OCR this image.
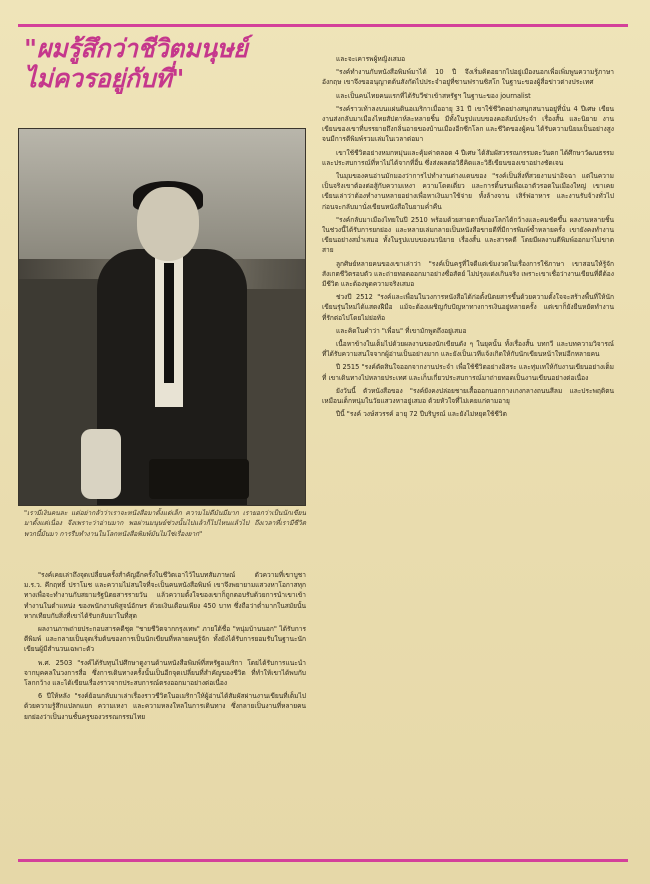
"ผมรู้สึกว่าชีวิตมนุษย์
ไม่ควรอยู่กับที่"
"เรามีเงินคนละ แต่อย่ากลัวว่าเราจะหนังสือมาตั้งแต่เล็ก ความไม่ดีมันมีมาก เรายอกว่าเป็นนักเขียนมาตั้งแต่เนื่อง จึงเพราะว่าอ่านมาก พอผ่านมนุษย์ช่วงนั้นไปแล้วก็ไปไหนแล้วไป ถึงเวลาที่เรามีชีวิตพวกนี้มันมา การรีบทำงานในโลกหนังสือพิมพ์มันไม่ใช่เรื่องยาก"

"รงค์เคยเล่าถึงจุดเปลี่ยนครั้งสำคัญอีกครั้งในชีวิตเอาไว้ในบทสัมภาษณ์ ตัวความที่เขาบูชา ม.ร.ว. คึกฤทธิ์ ปราโมช และความไม่สนใจที่จะเป็นคนหนังสือพิมพ์ เขาจึงพยายามแสวงหาโอกาสทุกทางเพื่อจะทำงานกับสยามรัฐนิตยสารรายวัน แล้วความตั้งใจของเขาก็ถูกตอบรับด้วยการนำเขาเข้าทำงานในตำแหน่ง ของพนักงานพิสูจน์อักษร ด้วยเงินเดือนเพียง 450 บาท ซึ่งถือว่าต่ำมากในสมัยนั้น หากเทียบกับสิ่งที่เขาได้รับกลับมาในที่สุด

ผลงานภาพถ่ายประกอบสารคดีชุด "ชายชีวิตจากกรุงเทพ" ภายใต้ชื่อ "หนุ่มบ้านนอก" ได้รับการตีพิมพ์ และกลายเป็นจุดเริ่มต้นของการเป็นนักเขียนที่หลายคนรู้จัก ทั้งยังได้รับการยอมรับในฐานะนักเขียนผู้มีสำนวนเฉพาะตัว

พ.ศ. 2503 "รงค์ได้รับทุนไปศึกษาดูงานด้านหนังสือพิมพ์ที่สหรัฐอเมริกา โดยได้รับการแนะนำจากบุคคลในวงการสื่อ ซึ่งการเดินทางครั้งนั้นเป็นอีกจุดเปลี่ยนที่สำคัญของชีวิต ที่ทำให้เขาได้พบกับโลกกว้าง และได้เขียนเรื่องราวจากประสบการณ์ตรงออกมาอย่างต่อเนื่อง

6 ปีให้หลัง "รงค์ย้อนกลับมาเล่าเรื่องราวชีวิตในอเมริกาให้ผู้อ่านได้สัมผัสผ่านงานเขียนที่เต็มไปด้วยความรู้สึกแปลกแยก ความเหงา และความหลงใหลในการเดินทาง ซึ่งกลายเป็นงานที่หลายคนยกย่องว่าเป็นงานชั้นครูของวรรณกรรมไทย

และจะเคารพผู้หญิงเสมอ

"รงค์ทำงานกับหนังสือพิมพ์มาได้ 10 ปี จึงเริ่มคิดอยากไปอยู่เมืองนอกเพื่อเพิ่มพูนความรู้ภาษาอังกฤษ เขาจึงขออนุญาตต้นสังกัดไปประจำอยู่ที่ซานฟรานซิสโก ในฐานะของผู้สื่อข่าวต่างประเทศ

และเป็นคนไทยคนแรกที่ได้รับวีซ่าเข้าสหรัฐฯ ในฐานะของ journalist

"รงค์ราวเท้าลงบนแผ่นดินอเมริกาเมื่ออายุ 31 ปี เขาใช้ชีวิตอย่างสนุกสนานอยู่ที่นั่น 4 ปีเศษ เขียนงานส่งกลับมาเมืองไทยสัปดาห์ละหลายชิ้น มีทั้งในรูปแบบของคอลัมน์ประจำ เรื่องสั้น และนิยาย งานเขียนของเขาที่บรรยายถึงกลิ่นอายของบ้านเมืองอีกซีกโลก และชีวิตของผู้คน ได้รับความนิยมเป็นอย่างสูง จนมีการตีพิมพ์รวมเล่มในเวลาต่อมา

เขาใช้ชีวิตอย่างหมกหมุ่นและคุ้มค่าตลอด 4 ปีเศษ ได้สัมผัสวรรณกรรมตะวันตก ได้ศึกษาวัฒนธรรม และประสบการณ์ที่หาไม่ได้จากที่อื่น ซึ่งส่งผลต่อวิธีคิดและวิธีเขียนของเขาอย่างชัดเจน

ในมุมของคนอ่านมักมองว่าการไปทำงานต่างแดนของ "รงค์เป็นสิ่งที่สวยงามน่าอิจฉา แต่ในความเป็นจริงเขาต้องต่อสู้กับความเหงา ความโดดเดี่ยว และการดิ้นรนเพื่อเอาตัวรอดในเมืองใหญ่ เขาเคยเขียนเล่าว่าต้องทำงานหลายอย่างเพื่อหาเงินมาใช้จ่าย ทั้งล้างจาน เสิร์ฟอาหาร และงานรับจ้างทั่วไป ก่อนจะกลับมานั่งเขียนหนังสือในยามค่ำคืน

"รงค์กลับมาเมืองไทยในปี 2510 พร้อมด้วยสายตาที่มองโลกได้กว้างและคมชัดขึ้น ผลงานหลายชิ้นในช่วงนี้ได้รับการยกย่อง และหลายเล่มกลายเป็นหนังสือขายดีที่มีการพิมพ์ซ้ำหลายครั้ง เขายังคงทำงานเขียนอย่างสม่ำเสมอ ทั้งในรูปแบบของนวนิยาย เรื่องสั้น และสารคดี โดยมีผลงานตีพิมพ์ออกมาไม่ขาดสาย

ลูกศิษย์หลายคนของเขาเล่าว่า "รงค์เป็นครูที่ใจดีแต่เข้มงวดในเรื่องการใช้ภาษา เขาสอนให้รู้จักสังเกตชีวิตรอบตัว และถ่ายทอดออกมาอย่างซื่อสัตย์ ไม่ปรุงแต่งเกินจริง เพราะเขาเชื่อว่างานเขียนที่ดีต้องมีชีวิต และต้องพูดความจริงเสมอ

ช่วงปี 2512 "รงค์และเพื่อนในวงการหนังสือได้ก่อตั้งนิตยสารขึ้นด้วยความตั้งใจจะสร้างพื้นที่ให้นักเขียนรุ่นใหม่ได้แสดงฝีมือ แม้จะต้องเผชิญกับปัญหาทางการเงินอยู่หลายครั้ง แต่เขาก็ยังยืนหยัดทำงานที่รักต่อไปโดยไม่ย่อท้อ

และคิดในคำว่า "เพื่อน" ที่เขามักพูดถึงอยู่เสมอ

เนื้อหาข้างในเต็มไปด้วยผลงานของนักเขียนดัง ๆ ในยุคนั้น ทั้งเรื่องสั้น บทกวี และบทความวิจารณ์ ที่ได้รับความสนใจจากผู้อ่านเป็นอย่างมาก และยังเป็นเวทีแจ้งเกิดให้กับนักเขียนหน้าใหม่อีกหลายคน

ปี 2515 "รงค์ตัดสินใจออกจากงานประจำ เพื่อใช้ชีวิตอย่างอิสระ และทุ่มเทให้กับงานเขียนอย่างเต็มที่ เขาเดินทางไปหลายประเทศ และเก็บเกี่ยวประสบการณ์มาถ่ายทอดเป็นงานเขียนอย่างต่อเนื่อง

ยังวันนี้ ตัวหนังสือของ "รงค์ยังคงปล่อยชายเสื้อออกนอกกางเกงกลางถนนสีลม และประพฤติตนเหมือนเด็กหนุ่มในวัยแสวงหาอยู่เสมอ ด้วยหัวใจที่ไม่เคยแก่ตามอายุ

ปีนี้ "รงค์ วงษ์สวรรค์ อายุ 72 ปีบริบูรณ์ และยังไม่หยุดใช้ชีวิต
